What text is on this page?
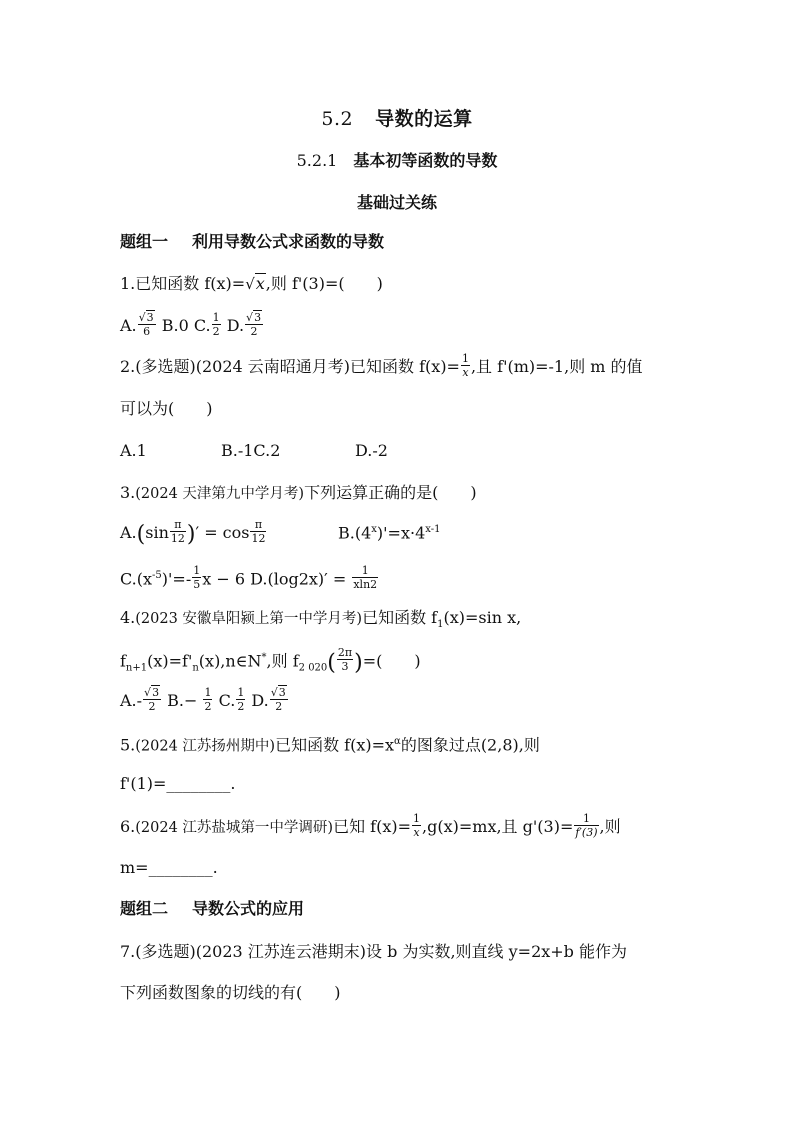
5.2 导数的运算
5.2.1 基本初等函数的导数
基础过关练
题组一 利用导数公式求函数的导数
1.已知函数 f(x)=√x,则 f'(3)=(　　)
A. $\frac{√3}{6} B.0$ C. $\frac{1}{2} D$. $\frac{√3}{2}$
2.(多选题)(2024 云南昭通月考)已知函数 $f(x)= \frac{1}{x}$ ,且 f'(m)=-1,则 m 的值
可以为(　　)
A.1	B.-1C.2	D.-2
3.(2024 天津第九中学月考)下列运算正确的是(　　)
$A.(\sin \frac{\pi}{12}$ )′ = $\cos \frac{\pi}{12}$	$B.(4^x)'=x\cdot 4^{x-1}$
$C.(x^{-5})'=- \frac{1}{5}$ x − 6 $D.(\log 2x)' = \frac{1}{xln2}$
4.(2023 安徽阜阳颍上第一中学月考)已知函数 $f_1(x)=\sin$ x,
$f_{n+1}(x)=f'_n(x),n\in N^*$,则 $f_{2 020}( \frac{2\pi}{3}$ )=(　　)
$A.- \frac{√3}{2} B.- \frac{1}{2} C$. $\frac{1}{2} D$. $\frac{√3}{2}$
5.(2024 江苏扬州期中)已知函数 $f(x)=x^\alpha$的图象过点(2,8),则
f'(1)=________.
6.(2024 江苏盐城第一中学调研)已知 $f(x)= \frac{1}{x} ,g(x)=mx$,且 $g'(3)= \frac{1}{f'(3)}$ ,则
m=________.
题组二 导数公式的应用
7.(多选题)(2023 江苏连云港期末)设 b 为实数,则直线 y=2x+b 能作为
下列函数图象的切线的有(　　)
